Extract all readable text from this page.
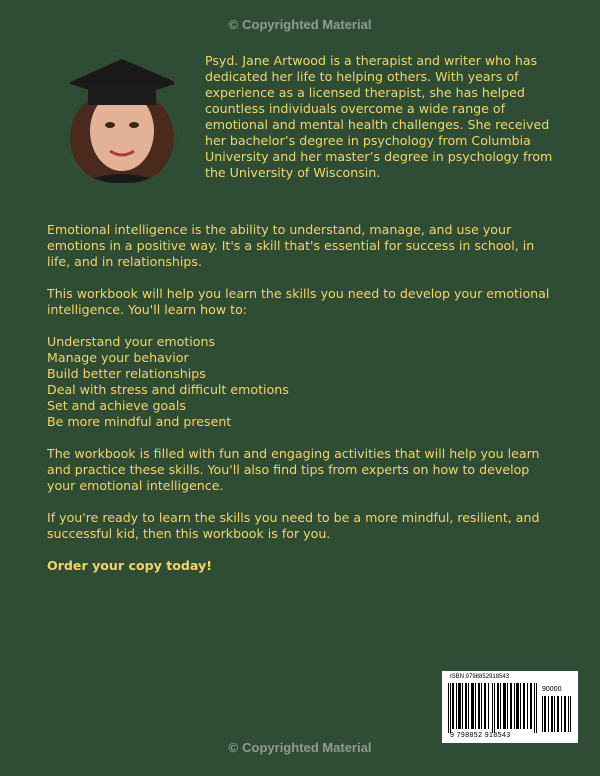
© Copyrighted Material

Psyd. Jane Artwood is a therapist and writer who has dedicated her life to helping others. With years of experience as a licensed therapist, she has helped countless individuals overcome a wide range of emotional and mental health challenges. She received her bachelor’s degree in psychology from Columbia University and her master’s degree in psychology from the University of Wisconsin.

Emotional intelligence is the ability to understand, manage, and use your emotions in a positive way. It's a skill that's essential for success in school, in life, and in relationships.

This workbook will help you learn the skills you need to develop your emotional intelligence. You'll learn how to:

Understand your emotions
Manage your behavior
Build better relationships
Deal with stress and difficult emotions
Set and achieve goals
Be more mindful and present

The workbook is filled with fun and engaging activities that will help you learn and practice these skills. You'll also find tips from experts on how to develop your emotional intelligence.

If you're ready to learn the skills you need to be a more mindful, resilient, and successful kid, then this workbook is for you.

Order your copy today!

ISBN 9798852918543
90000
9 798852 918543
© Copyrighted Material
